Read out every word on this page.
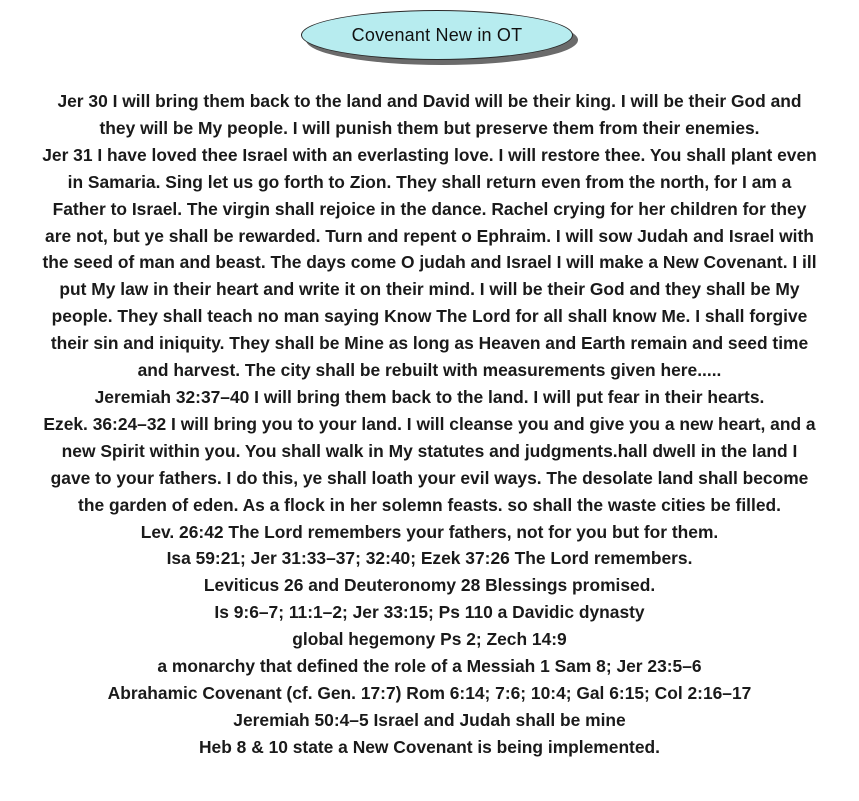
Covenant New in OT
Jer 30 I will bring them back to the land and David will be their king. I will be their God and
they will be My people. I will punish them but preserve them from their enemies.
Jer 31 I have loved thee Israel with an everlasting love. I will restore thee. You shall plant even
in Samaria. Sing let us go forth to Zion. They shall return even from the north, for I am a
Father to Israel. The virgin shall rejoice in the dance. Rachel crying for her children for they
are not, but ye shall be rewarded. Turn and repent o Ephraim. I will sow Judah and Israel with
the seed of man and beast. The days come O judah and Israel I will make a New Covenant. I ill
put My law in their heart and write it on their mind. I will be their God and they shall be My
people. They shall teach no man saying Know The Lord for all shall know Me. I shall forgive
their sin and iniquity. They shall be Mine as long as Heaven and Earth remain and seed time
and harvest. The city shall be rebuilt with measurements given here.....
Jeremiah 32:37–40 I will bring them back to the land. I will put fear in their hearts.
Ezek. 36:24–32 I will bring you to your land. I will cleanse you and give you a new heart, and a
new Spirit within you. You shall walk in My statutes and judgments.hall dwell in the land I
gave to your fathers. I do this, ye shall loath your evil ways. The desolate land shall become
the garden of eden. As a flock in her solemn feasts. so shall the waste cities be filled.
Lev. 26:42 The Lord remembers your fathers, not for you but for them.
Isa 59:21; Jer 31:33–37; 32:40; Ezek 37:26 The Lord remembers.
Leviticus 26 and Deuteronomy 28 Blessings promised.
Is 9:6–7; 11:1–2; Jer 33:15; Ps 110 a Davidic dynasty
global hegemony Ps 2; Zech 14:9
a monarchy that defined the role of a Messiah 1 Sam 8; Jer 23:5–6
Abrahamic Covenant (cf. Gen. 17:7) Rom 6:14; 7:6; 10:4; Gal 6:15; Col 2:16–17
Jeremiah 50:4–5 Israel and Judah shall be mine
Heb 8 & 10 state a New Covenant is being implemented.
